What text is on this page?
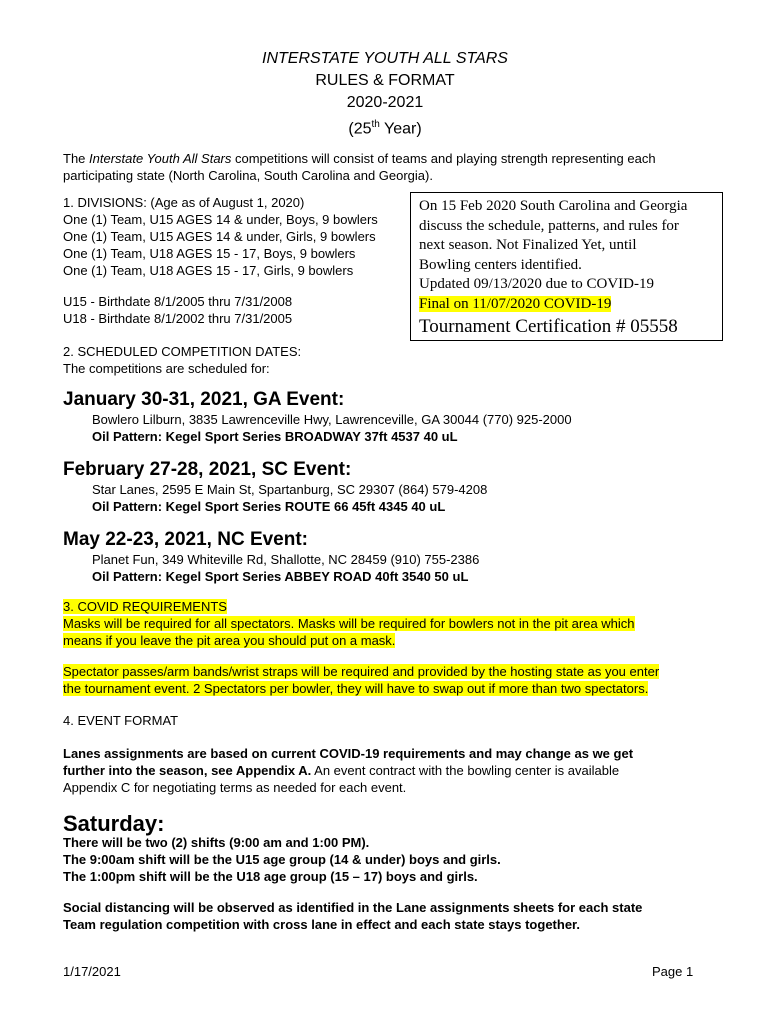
INTERSTATE YOUTH ALL STARS
RULES & FORMAT
2020-2021
(25th Year)
The Interstate Youth All Stars competitions will consist of teams and playing strength representing each
participating state (North Carolina, South Carolina and Georgia).
1. DIVISIONS: (Age as of August 1, 2020)
One (1) Team, U15 AGES 14 & under, Boys, 9 bowlers
One (1) Team, U15 AGES 14 & under, Girls, 9 bowlers
One (1) Team, U18 AGES 15 - 17, Boys, 9 bowlers
One (1) Team, U18 AGES 15 - 17, Girls, 9 bowlers
U15 - Birthdate 8/1/2005 thru 7/31/2008
U18 - Birthdate 8/1/2002 thru 7/31/2005
On 15 Feb 2020 South Carolina and Georgia
discuss the schedule, patterns, and rules for
next season. Not Finalized Yet, until
Bowling centers identified.
Updated 09/13/2020 due to COVID-19
Final on 11/07/2020 COVID-19
Tournament Certification # 05558
2. SCHEDULED COMPETITION DATES:
The competitions are scheduled for:
January 30-31, 2021, GA Event:
Bowlero Lilburn, 3835 Lawrenceville Hwy, Lawrenceville, GA 30044 (770) 925-2000
Oil Pattern: Kegel Sport Series BROADWAY 37ft 4537 40 uL
February 27-28, 2021, SC Event:
Star Lanes, 2595 E Main St, Spartanburg, SC 29307 (864) 579-4208
Oil Pattern: Kegel Sport Series ROUTE 66 45ft 4345 40 uL
May 22-23, 2021, NC Event:
Planet Fun, 349 Whiteville Rd, Shallotte, NC 28459 (910) 755-2386
Oil Pattern: Kegel Sport Series ABBEY ROAD 40ft 3540 50 uL
3. COVID REQUIREMENTS
Masks will be required for all spectators. Masks will be required for bowlers not in the pit area which
means if you leave the pit area you should put on a mask.
Spectator passes/arm bands/wrist straps will be required and provided by the hosting state as you enter
the tournament event. 2 Spectators per bowler, they will have to swap out if more than two spectators.
4. EVENT FORMAT
Lanes assignments are based on current COVID-19 requirements and may change as we get
further into the season, see Appendix A. An event contract with the bowling center is available
Appendix C for negotiating terms as needed for each event.
Saturday:
There will be two (2) shifts (9:00 am and 1:00 PM).
The 9:00am shift will be the U15 age group (14 & under) boys and girls.
The 1:00pm shift will be the U18 age group (15 – 17) boys and girls.
Social distancing will be observed as identified in the Lane assignments sheets for each state
Team regulation competition with cross lane in effect and each state stays together.
1/17/2021	Page 1
